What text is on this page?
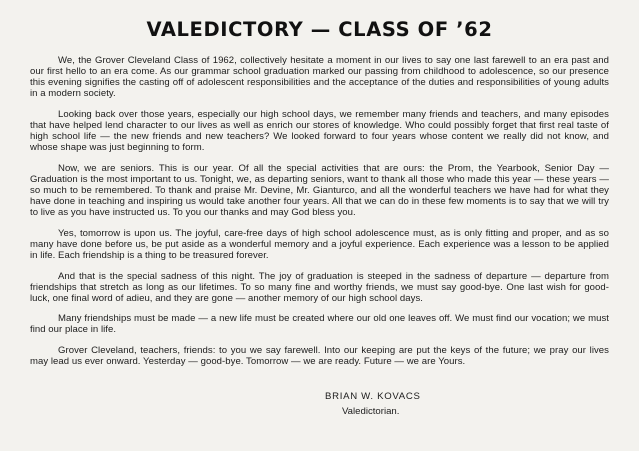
VALEDICTORY — CLASS OF ’62

We, the Grover Cleveland Class of 1962, collectively hesitate a moment in our lives to say one last farewell to an era past and our first hello to an era come. As our grammar school graduation marked our passing from childhood to adolescence, so our presence this evening signifies the casting off of adolescent responsibilities and the acceptance of the duties and responsibilities of young adults in a modern society.

Looking back over those years, especially our high school days, we remember many friends and teachers, and many episodes that have helped lend character to our lives as well as enrich our stores of knowledge. Who could possibly forget that first real taste of high school life — the new friends and new teachers? We looked forward to four years whose content we really did not know, and whose shape was just beginning to form.

Now, we are seniors. This is our year. Of all the special activities that are ours: the Prom, the Yearbook, Senior Day — Graduation is the most important to us. Tonight, we, as departing seniors, want to thank all those who made this year — these years — so much to be remembered. To thank and praise Mr. Devine, Mr. Gianturco, and all the wonderful teachers we have had for what they have done in teaching and inspiring us would take another four years. All that we can do in these few moments is to say that we will try to live as you have instructed us. To you our thanks and may God bless you.

Yes, tomorrow is upon us. The joyful, care-free days of high school adolescence must, as is only fitting and proper, and as so many have done before us, be put aside as a wonderful memory and a joyful experience. Each experience was a lesson to be applied in life. Each friendship is a thing to be treasured forever.

And that is the special sadness of this night. The joy of graduation is steeped in the sadness of departure — departure from friendships that stretch as long as our lifetimes. To so many fine and worthy friends, we must say good-bye. One last wish for good-luck, one final word of adieu, and they are gone — another memory of our high school days.

Many friendships must be made — a new life must be created where our old one leaves off. We must find our vocation; we must find our place in life.

Grover Cleveland, teachers, friends: to you we say farewell. Into our keeping are put the keys of the future; we pray our lives may lead us ever onward. Yesterday — good-bye. Tomorrow — we are ready. Future — we are Yours.

BRIAN W. KOVACS
Valedictorian.
